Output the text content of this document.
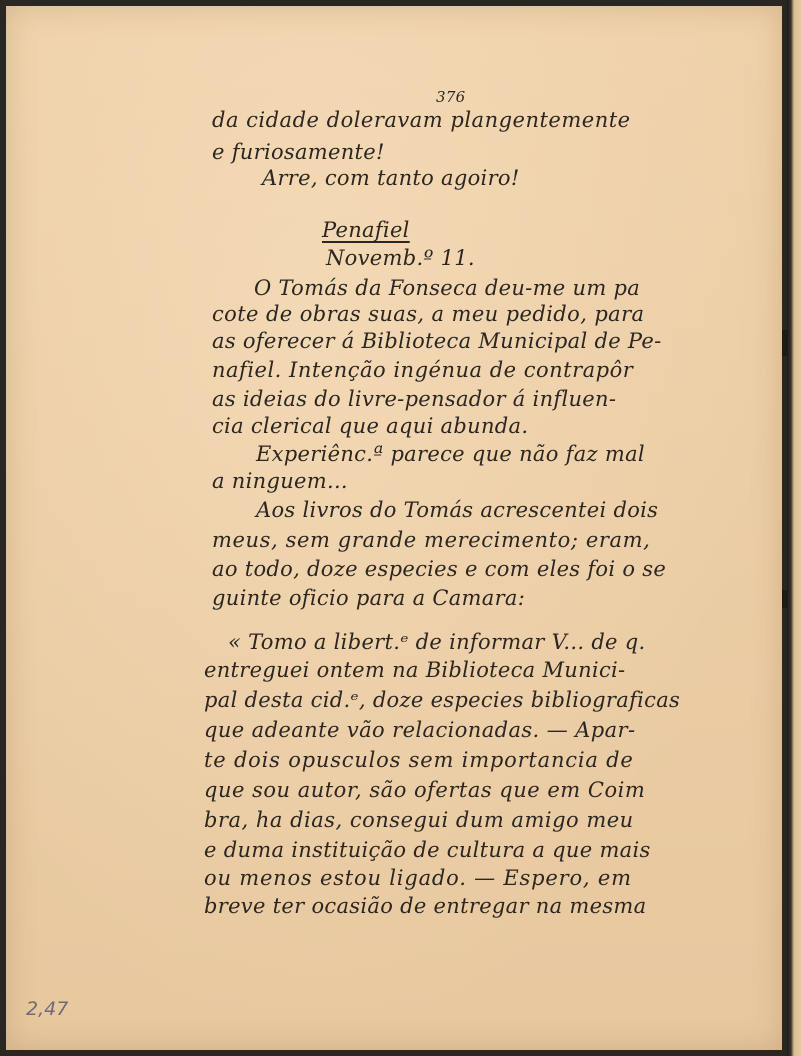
376
da cidade doleravam plangentemente
e furiosamente!
Arre, com tanto agoiro!
Penafiel
Novemb.º 11.
O Tomás da Fonseca deu-me um pa
cote de obras suas, a meu pedido, para
as oferecer á Biblioteca Municipal de Pe-
nafiel. Intenção ingénua de contrapôr
as ideias do livre-pensador á influen-
cia clerical que aqui abunda.
Experiênc.ª parece que não faz mal
a ninguem...
Aos livros do Tomás acrescentei dois
meus, sem grande merecimento; eram,
ao todo, doze especies e com eles foi o se
guinte oficio para a Camara:
« Tomo a libert.ᵉ de informar V... de q.
entreguei ontem na Biblioteca Munici-
pal desta cid.ᵉ, doze especies bibliograficas
que adeante vão relacionadas. — Apar-
te dois opusculos sem importancia de
que sou autor, são ofertas que em Coim
bra, ha dias, consegui dum amigo meu
e duma instituição de cultura a que mais
ou menos estou ligado. — Espero, em
breve ter ocasião de entregar na mesma
2,47
